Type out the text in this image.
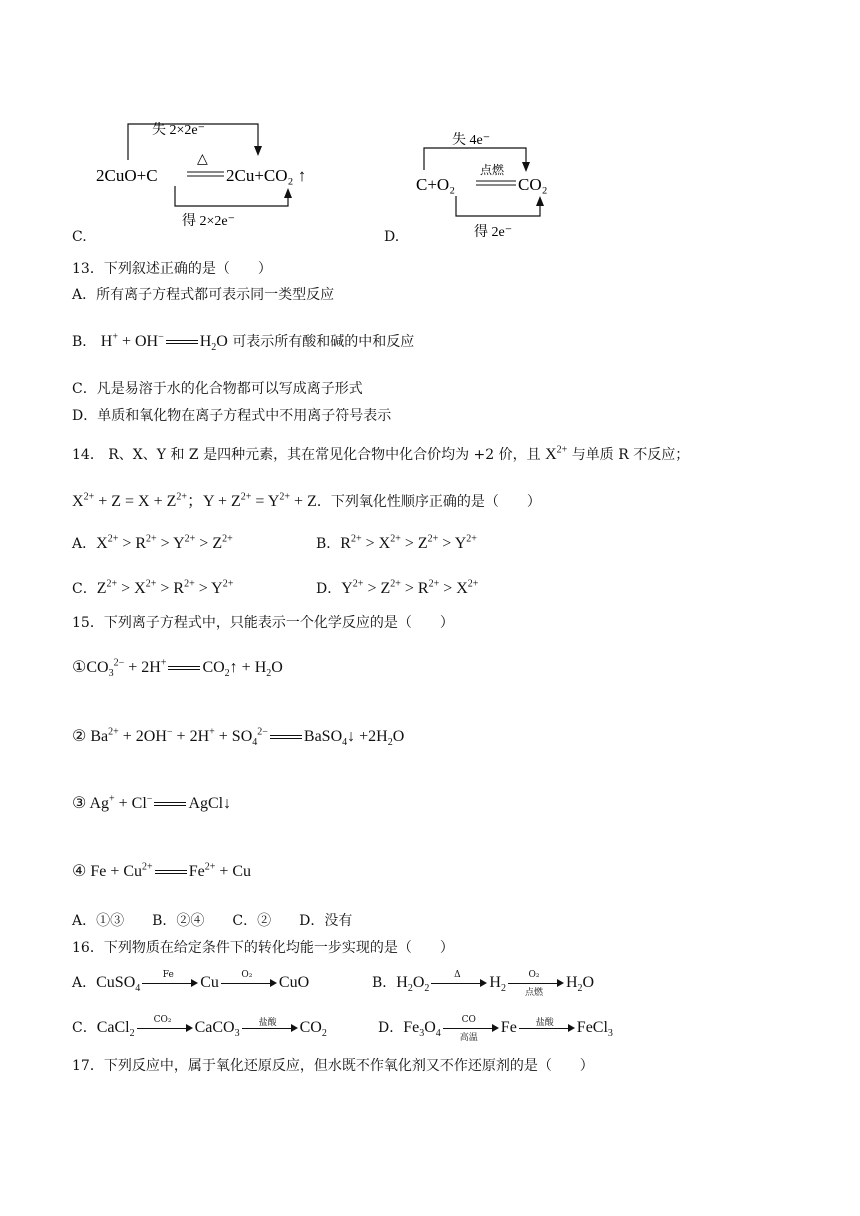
C.
失 2×2e⁻
2CuO+C
△
2Cu+CO₂ ↑
得 2×2e⁻
D.
失 4e⁻
C+O₂
点燃
CO₂
得 2e⁻
13．下列叙述正确的是（　　）
A．所有离子方程式都可表示同一类型反应
B． H+ + OH− $H_2O$ 可表示所有酸和碱的中和反应
C．凡是易溶于水的化合物都可以写成离子形式
D．单质和氧化物在离子方程式中不用离子符号表示
14． R、X、Y 和 Z 是四种元素，其在常见化合物中化合价均为 +2 价，且 $X^{2+}$ 与单质 R 不反应；
$X^{2+} + Z = X + Z^{2+}$；$Y + Z^{2+} = Y^{2+} + Z$．下列氧化性顺序正确的是（　　）
A．$X^{2+} > R^{2+} > Y^{2+} > Z^{2+}$	B．$R^{2+} > X^{2+} > Z^{2+} > Y^{2+}$
C．$Z^{2+} > X^{2+} > R^{2+} > Y^{2+}$	D．$Y^{2+} > Z^{2+} > R^{2+} > X^{2+}$
15．下列离子方程式中，只能表示一个化学反应的是（　　）
$①CO_3^{2-} + 2H^+$ $CO_2↑ + H_2O$
② $Ba^{2+} + 2OH^- + 2H^+ + SO_4^{2-}$ BaSO$_4$↓ $+2H_2O$
③ Ag+ + Cl− AgCl↓
④ $Fe + Cu^{2+}$ $Fe^{2+} + Cu$
A．①③　　B．②④　　C．②　　D．没有
16．下列物质在给定条件下的转化均能一步实现的是（　　）
A．CuSO$_4$
Fe	Cu	O₂	CuO	B．$H_2O_2$
Δ	$H_2$
O₂
点燃
$H_2O$
C．CaCl$_2$
CO₂	CaCO$_3$
盐酸	$CO_2$	D．$Fe_3O_4$
CO
高温
Fe	盐酸	FeCl$_3$
17．下列反应中，属于氧化还原反应，但水既不作氧化剂又不作还原剂的是（　　）
